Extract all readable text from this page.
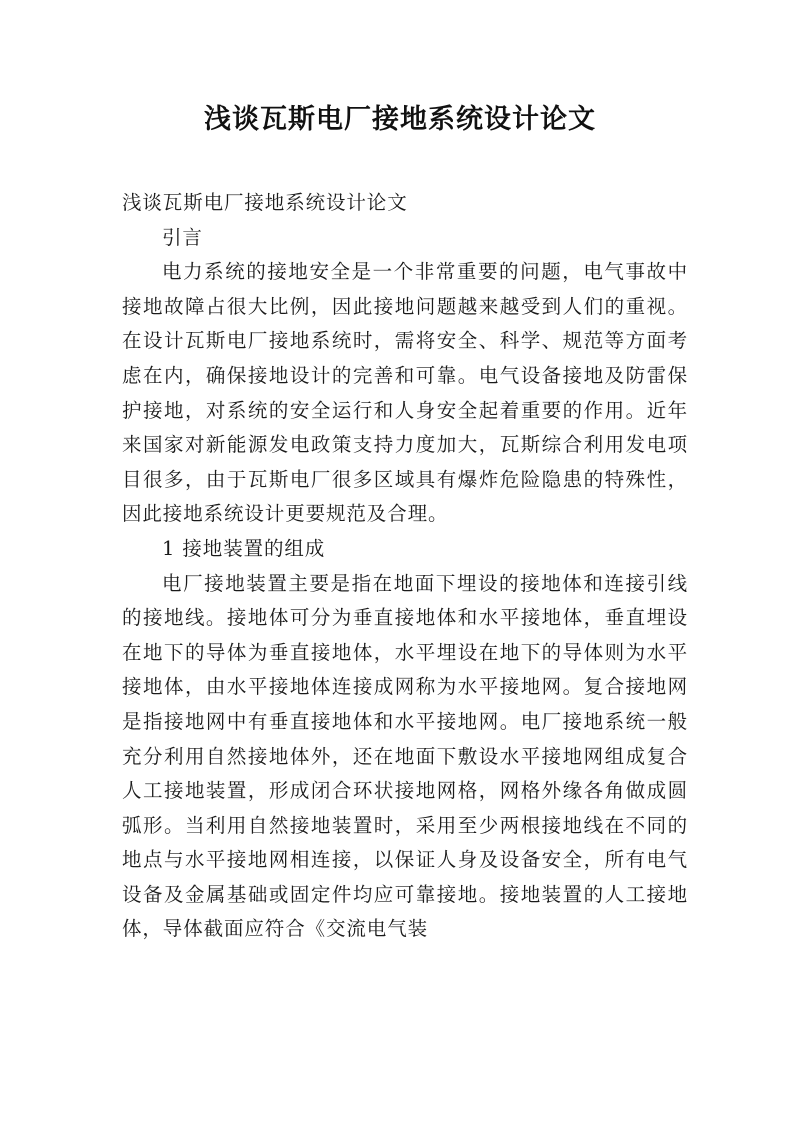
浅谈瓦斯电厂接地系统设计论文

浅谈瓦斯电厂接地系统设计论文

引言

电力系统的接地安全是一个非常重要的问题，电气事故中接地故障占很大比例，因此接地问题越来越受到人们的重视。在设计瓦斯电厂接地系统时，需将安全、科学、规范等方面考虑在内，确保接地设计的完善和可靠。电气设备接地及防雷保护接地，对系统的安全运行和人身安全起着重要的作用。近年来国家对新能源发电政策支持力度加大，瓦斯综合利用发电项目很多，由于瓦斯电厂很多区域具有爆炸危险隐患的特殊性，因此接地系统设计更要规范及合理。

1 接地装置的组成

电厂接地装置主要是指在地面下埋设的接地体和连接引线的接地线。接地体可分为垂直接地体和水平接地体，垂直埋设在地下的导体为垂直接地体，水平埋设在地下的导体则为水平接地体，由水平接地体连接成网称为水平接地网。复合接地网是指接地网中有垂直接地体和水平接地网。电厂接地系统一般充分利用自然接地体外，还在地面下敷设水平接地网组成复合人工接地装置，形成闭合环状接地网格，网格外缘各角做成圆弧形。当利用自然接地装置时，采用至少两根接地线在不同的地点与水平接地网相连接，以保证人身及设备安全，所有电气设备及金属基础或固定件均应可靠接地。接地装置的人工接地体，导体截面应符合《交流电气装
